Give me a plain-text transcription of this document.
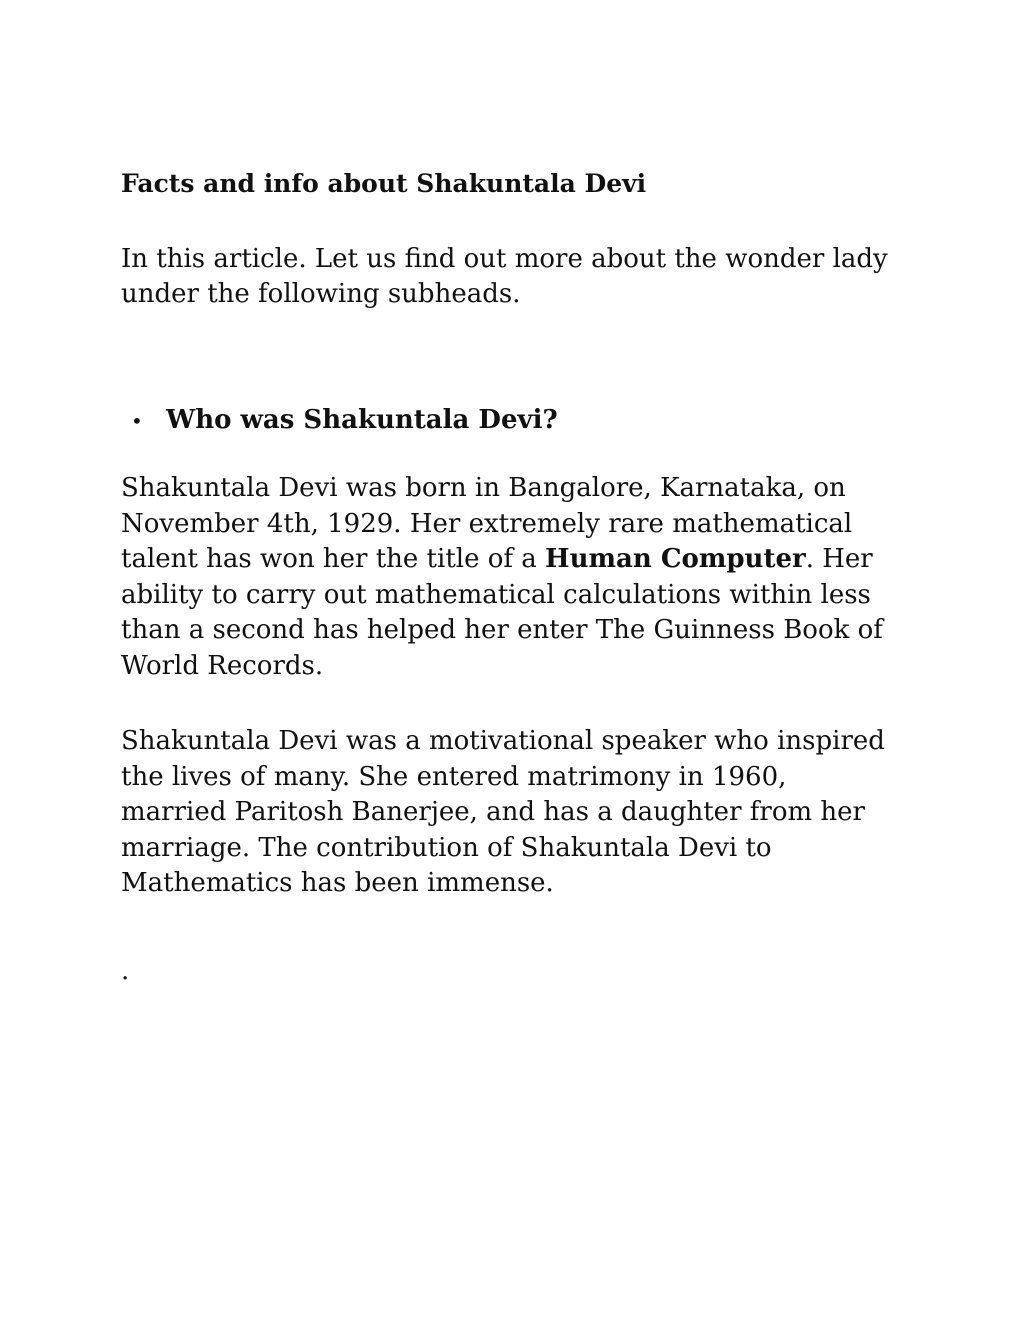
Facts and info about Shakuntala Devi

In this article. Let us find out more about the wonder lady under the following subheads.

• Who was Shakuntala Devi?

Shakuntala Devi was born in Bangalore, Karnataka, on November 4th, 1929. Her extremely rare mathematical talent has won her the title of a Human Computer. Her ability to carry out mathematical calculations within less than a second has helped her enter The Guinness Book of World Records.

Shakuntala Devi was a motivational speaker who inspired the lives of many. She entered matrimony in 1960, married Paritosh Banerjee, and has a daughter from her marriage. The contribution of Shakuntala Devi to Mathematics has been immense.

.
